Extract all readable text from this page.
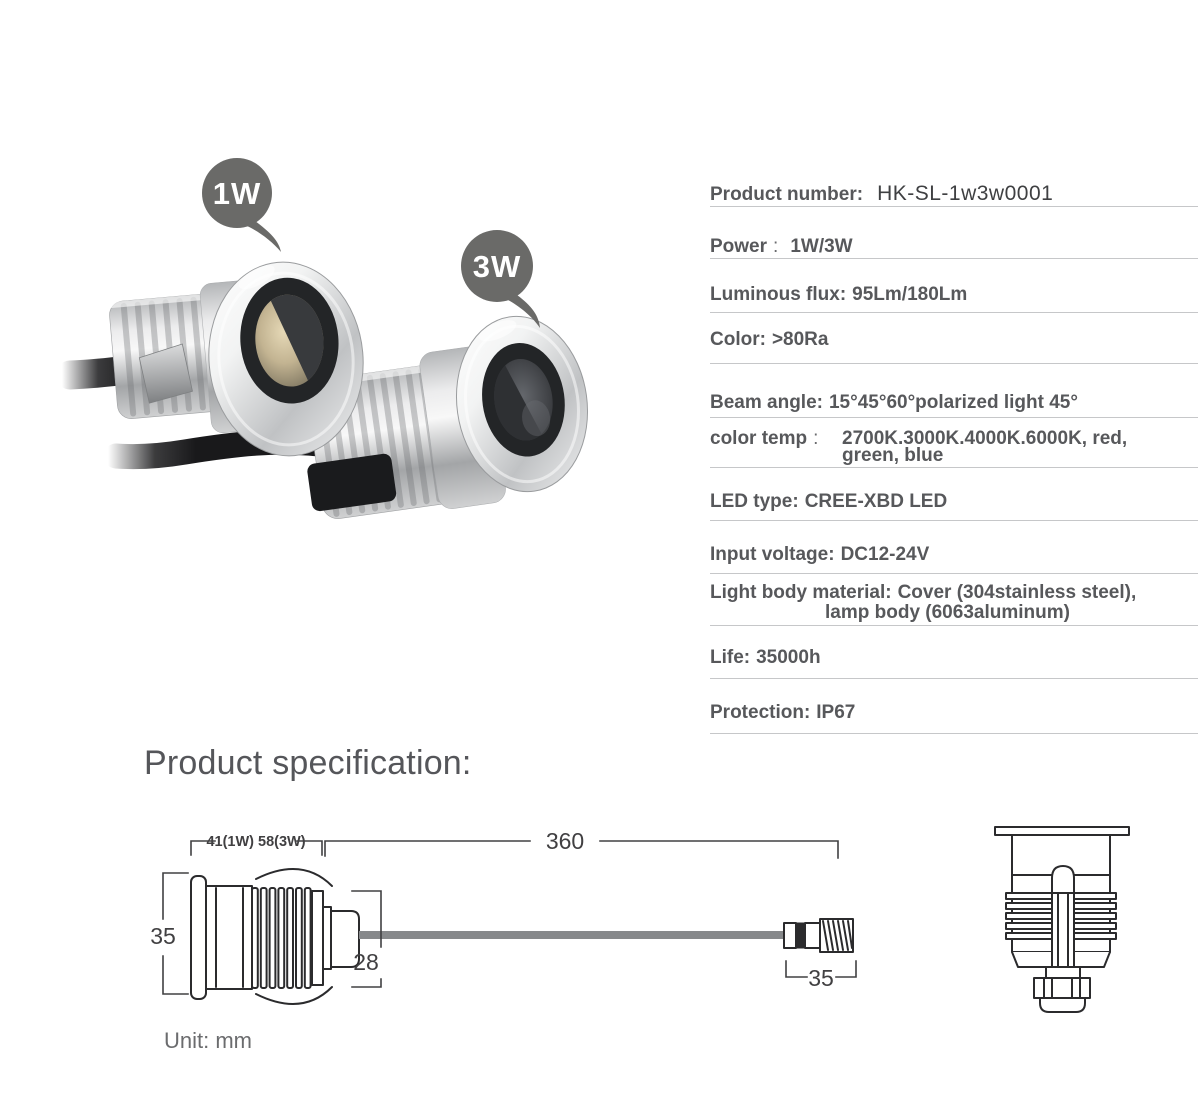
1W
3W
41(1W) 58(3W)	360
35
28
35
Product number: HK-SL-1w3w0001
Power : 1W/3W
Luminous flux: 95Lm/180Lm
Color: >80Ra
Beam angle: 15°45°60°polarized light 45°
color temp :	2700K.3000K.4000K.6000K, red,
green, blue
LED type: CREE-XBD LED
Input voltage: DC12-24V
Light body material: Cover (304stainless steel),
lamp body (6063aluminum)
Life: 35000h
Protection: IP67
Product specification:
Unit: mm
